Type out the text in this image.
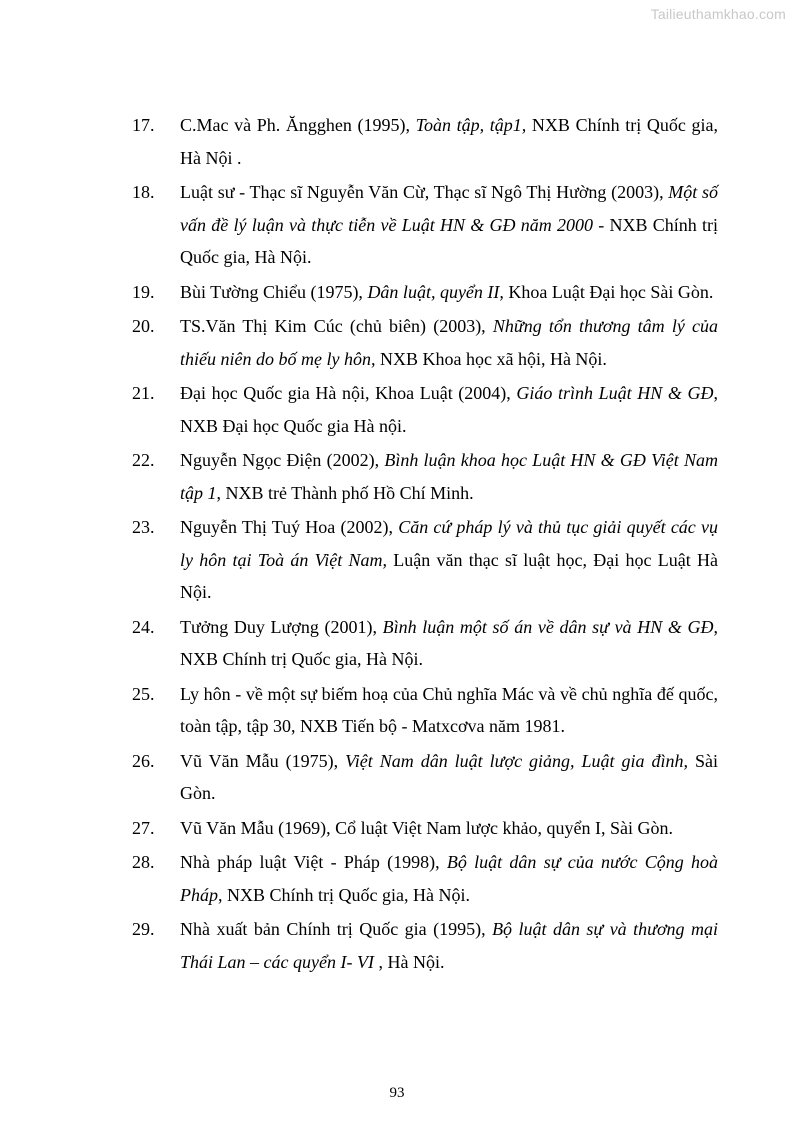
Tailieuthamkhao.com
17. C.Mac và Ph. Ăngghen (1995), Toàn tập, tập1, NXB Chính trị Quốc gia, Hà Nội .
18. Luật sư - Thạc sĩ Nguyễn Văn Cừ, Thạc sĩ Ngô Thị Hường (2003), Một số vấn đề lý luận và thực tiễn về Luật HN & GĐ năm 2000 - NXB Chính trị Quốc gia, Hà Nội.
19. Bùi Tường Chiểu (1975), Dân luật, quyển II, Khoa Luật Đại học Sài Gòn.
20. TS.Văn Thị Kim Cúc (chủ biên) (2003), Những tổn thương tâm lý của thiếu niên do bố mẹ ly hôn, NXB Khoa học xã hội, Hà Nội.
21. Đại học Quốc gia Hà nội, Khoa Luật (2004), Giáo trình Luật HN & GĐ, NXB Đại học Quốc gia Hà nội.
22. Nguyễn Ngọc Điện (2002), Bình luận khoa học Luật HN & GĐ Việt Nam tập 1, NXB trẻ Thành phố Hồ Chí Minh.
23. Nguyễn Thị Tuý Hoa (2002), Căn cứ pháp lý và thủ tục giải quyết các vụ ly hôn tại Toà án Việt Nam, Luận văn thạc sĩ luật học, Đại học Luật Hà Nội.
24. Tưởng Duy Lượng (2001), Bình luận một số án về dân sự và HN & GĐ, NXB Chính trị Quốc gia, Hà Nội.
25. Ly hôn - về một sự biếm hoạ của Chủ nghĩa Mác và về chủ nghĩa đế quốc, toàn tập, tập 30, NXB Tiến bộ - Matxcơva năm 1981.
26. Vũ Văn Mẫu (1975), Việt Nam dân luật lược giảng, Luật gia đình, Sài Gòn.
27. Vũ Văn Mẫu (1969), Cổ luật Việt Nam lược khảo, quyển I, Sài Gòn.
28. Nhà pháp luật Việt - Pháp (1998), Bộ luật dân sự của nước Cộng hoà Pháp, NXB Chính trị Quốc gia, Hà Nội.
29. Nhà xuất bản Chính trị Quốc gia (1995), Bộ luật dân sự và thương mại Thái Lan – các quyển I- VI , Hà Nội.
93
